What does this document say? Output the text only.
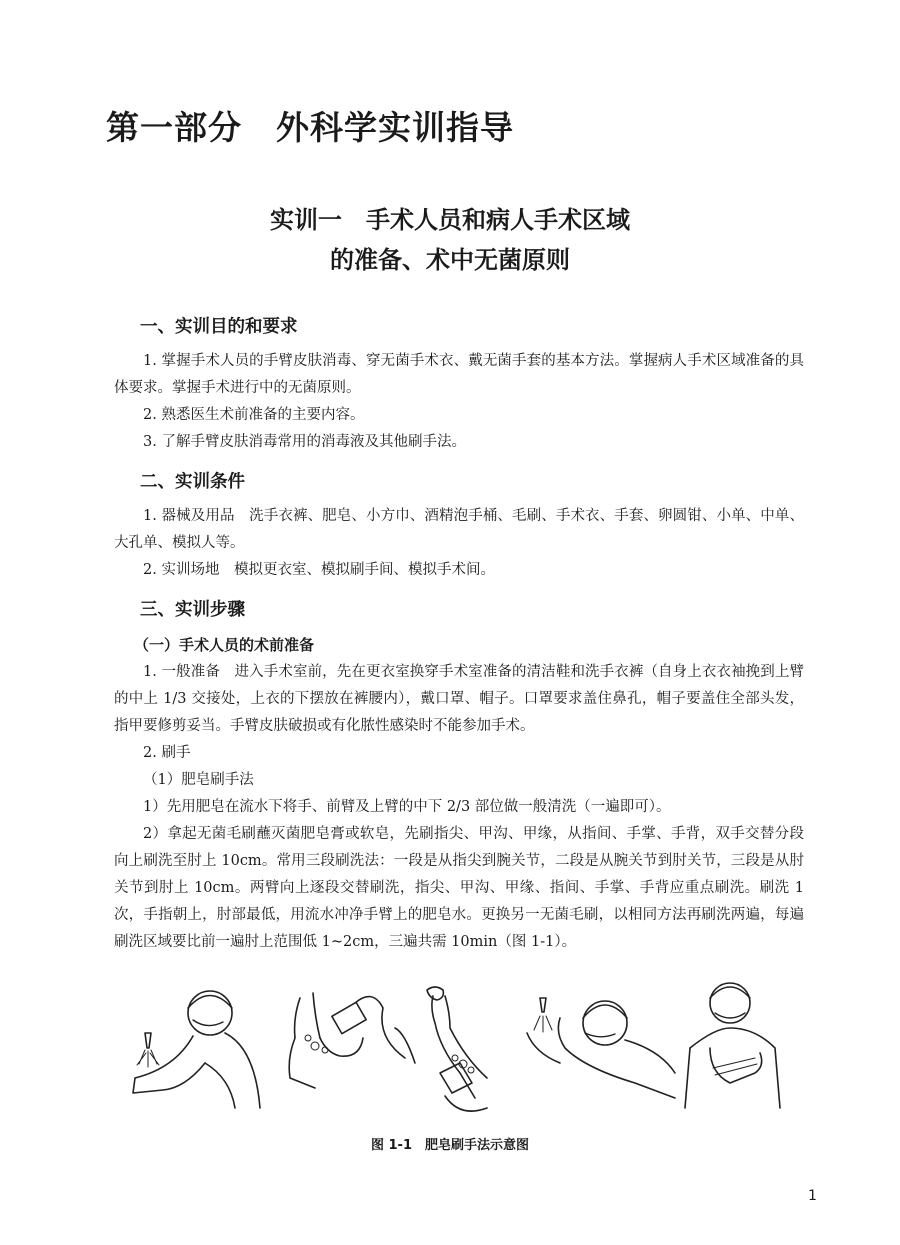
第一部分　外科学实训指导
实训一　手术人员和病人手术区域
的准备、术中无菌原则
一、实训目的和要求

1. 掌握手术人员的手臂皮肤消毒、穿无菌手术衣、戴无菌手套的基本方法。掌握病人手术区域准备的具体要求。掌握手术进行中的无菌原则。

2. 熟悉医生术前准备的主要内容。

3. 了解手臂皮肤消毒常用的消毒液及其他刷手法。

二、实训条件

1. 器械及用品　洗手衣裤、肥皂、小方巾、酒精泡手桶、毛刷、手术衣、手套、卵圆钳、小单、中单、大孔单、模拟人等。

2. 实训场地　模拟更衣室、模拟刷手间、模拟手术间。

三、实训步骤
（一）手术人员的术前准备

1. 一般准备　进入手术室前，先在更衣室换穿手术室准备的清洁鞋和洗手衣裤（自身上衣衣袖挽到上臂的中上 1/3 交接处，上衣的下摆放在裤腰内），戴口罩、帽子。口罩要求盖住鼻孔，帽子要盖住全部头发，指甲要修剪妥当。手臂皮肤破损或有化脓性感染时不能参加手术。

2. 刷手

（1）肥皂刷手法

1）先用肥皂在流水下将手、前臂及上臂的中下 2/3 部位做一般清洗（一遍即可）。

2）拿起无菌毛刷蘸灭菌肥皂膏或软皂，先刷指尖、甲沟、甲缘，从指间、手掌、手背，双手交替分段向上刷洗至肘上 10cm。常用三段刷洗法：一段是从指尖到腕关节，二段是从腕关节到肘关节，三段是从肘关节到肘上 10cm。两臂向上逐段交替刷洗，指尖、甲沟、甲缘、指间、手掌、手背应重点刷洗。刷洗 1 次，手指朝上，肘部最低，用流水冲净手臂上的肥皂水。更换另一无菌毛刷，以相同方法再刷洗两遍，每遍刷洗区域要比前一遍肘上范围低 1~2cm，三遍共需 10min（图 1-1）。

图 1-1　肥皂刷手法示意图
1
